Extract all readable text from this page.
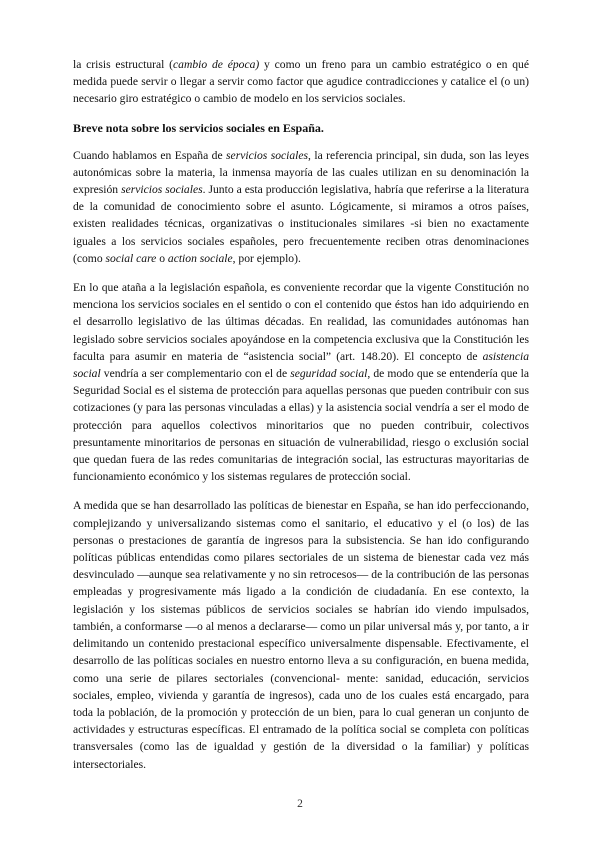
la crisis estructural (cambio de época) y como un freno para un cambio estratégico o en qué medida puede servir o llegar a servir como factor que agudice contradicciones y catalice el (o un) necesario giro estratégico o cambio de modelo en los servicios sociales.

Breve nota sobre los servicios sociales en España.

Cuando hablamos en España de servicios sociales, la referencia principal, sin duda, son las leyes autonómicas sobre la materia, la inmensa mayoría de las cuales utilizan en su denominación la expresión servicios sociales. Junto a esta producción legislativa, habría que referirse a la literatura de la comunidad de conocimiento sobre el asunto. Lógicamente, si miramos a otros países, existen realidades técnicas, organizativas o institucionales similares -si bien no exactamente iguales a los servicios sociales españoles, pero frecuentemente reciben otras denominaciones (como social care o action sociale, por ejemplo).

En lo que ataña a la legislación española, es conveniente recordar que la vigente Constitución no menciona los servicios sociales en el sentido o con el contenido que éstos han ido adquiriendo en el desarrollo legislativo de las últimas décadas. En realidad, las comunidades autónomas han legislado sobre servicios sociales apoyándose en la competencia exclusiva que la Constitución les faculta para asumir en materia de “asistencia social” (art. 148.20). El concepto de asistencia social vendría a ser complementario con el de seguridad social, de modo que se entendería que la Seguridad Social es el sistema de protección para aquellas personas que pueden contribuir con sus cotizaciones (y para las personas vinculadas a ellas) y la asistencia social vendría a ser el modo de protección para aquellos colectivos minoritarios que no pueden contribuir, colectivos presuntamente minoritarios de personas en situación de vulnerabilidad, riesgo o exclusión social que quedan fuera de las redes comunitarias de integración social, las estructuras mayoritarias de funcionamiento económico y los sistemas regulares de protección social.

A medida que se han desarrollado las políticas de bienestar en España, se han ido perfeccionando, complejizando y universalizando sistemas como el sanitario, el educativo y el (o los) de las personas o prestaciones de garantía de ingresos para la subsistencia. Se han ido configurando políticas públicas entendidas como pilares sectoriales de un sistema de bienestar cada vez más desvinculado —aunque sea relativamente y no sin retrocesos— de la contribución de las personas empleadas y progresivamente más ligado a la condición de ciudadanía. En ese contexto, la legislación y los sistemas públicos de servicios sociales se habrían ido viendo impulsados, también, a conformarse —o al menos a declararse— como un pilar universal más y, por tanto, a ir delimitando un contenido prestacional específico universalmente dispensable. Efectivamente, el desarrollo de las políticas sociales en nuestro entorno lleva a su configuración, en buena medida, como una serie de pilares sectoriales (convencional- mente: sanidad, educación, servicios sociales, empleo, vivienda y garantía de ingresos), cada uno de los cuales está encargado, para toda la población, de la promoción y protección de un bien, para lo cual generan un conjunto de actividades y estructuras específicas. El entramado de la política social se completa con políticas transversales (como las de igualdad y gestión de la diversidad o la familiar) y políticas intersectoriales.

2
